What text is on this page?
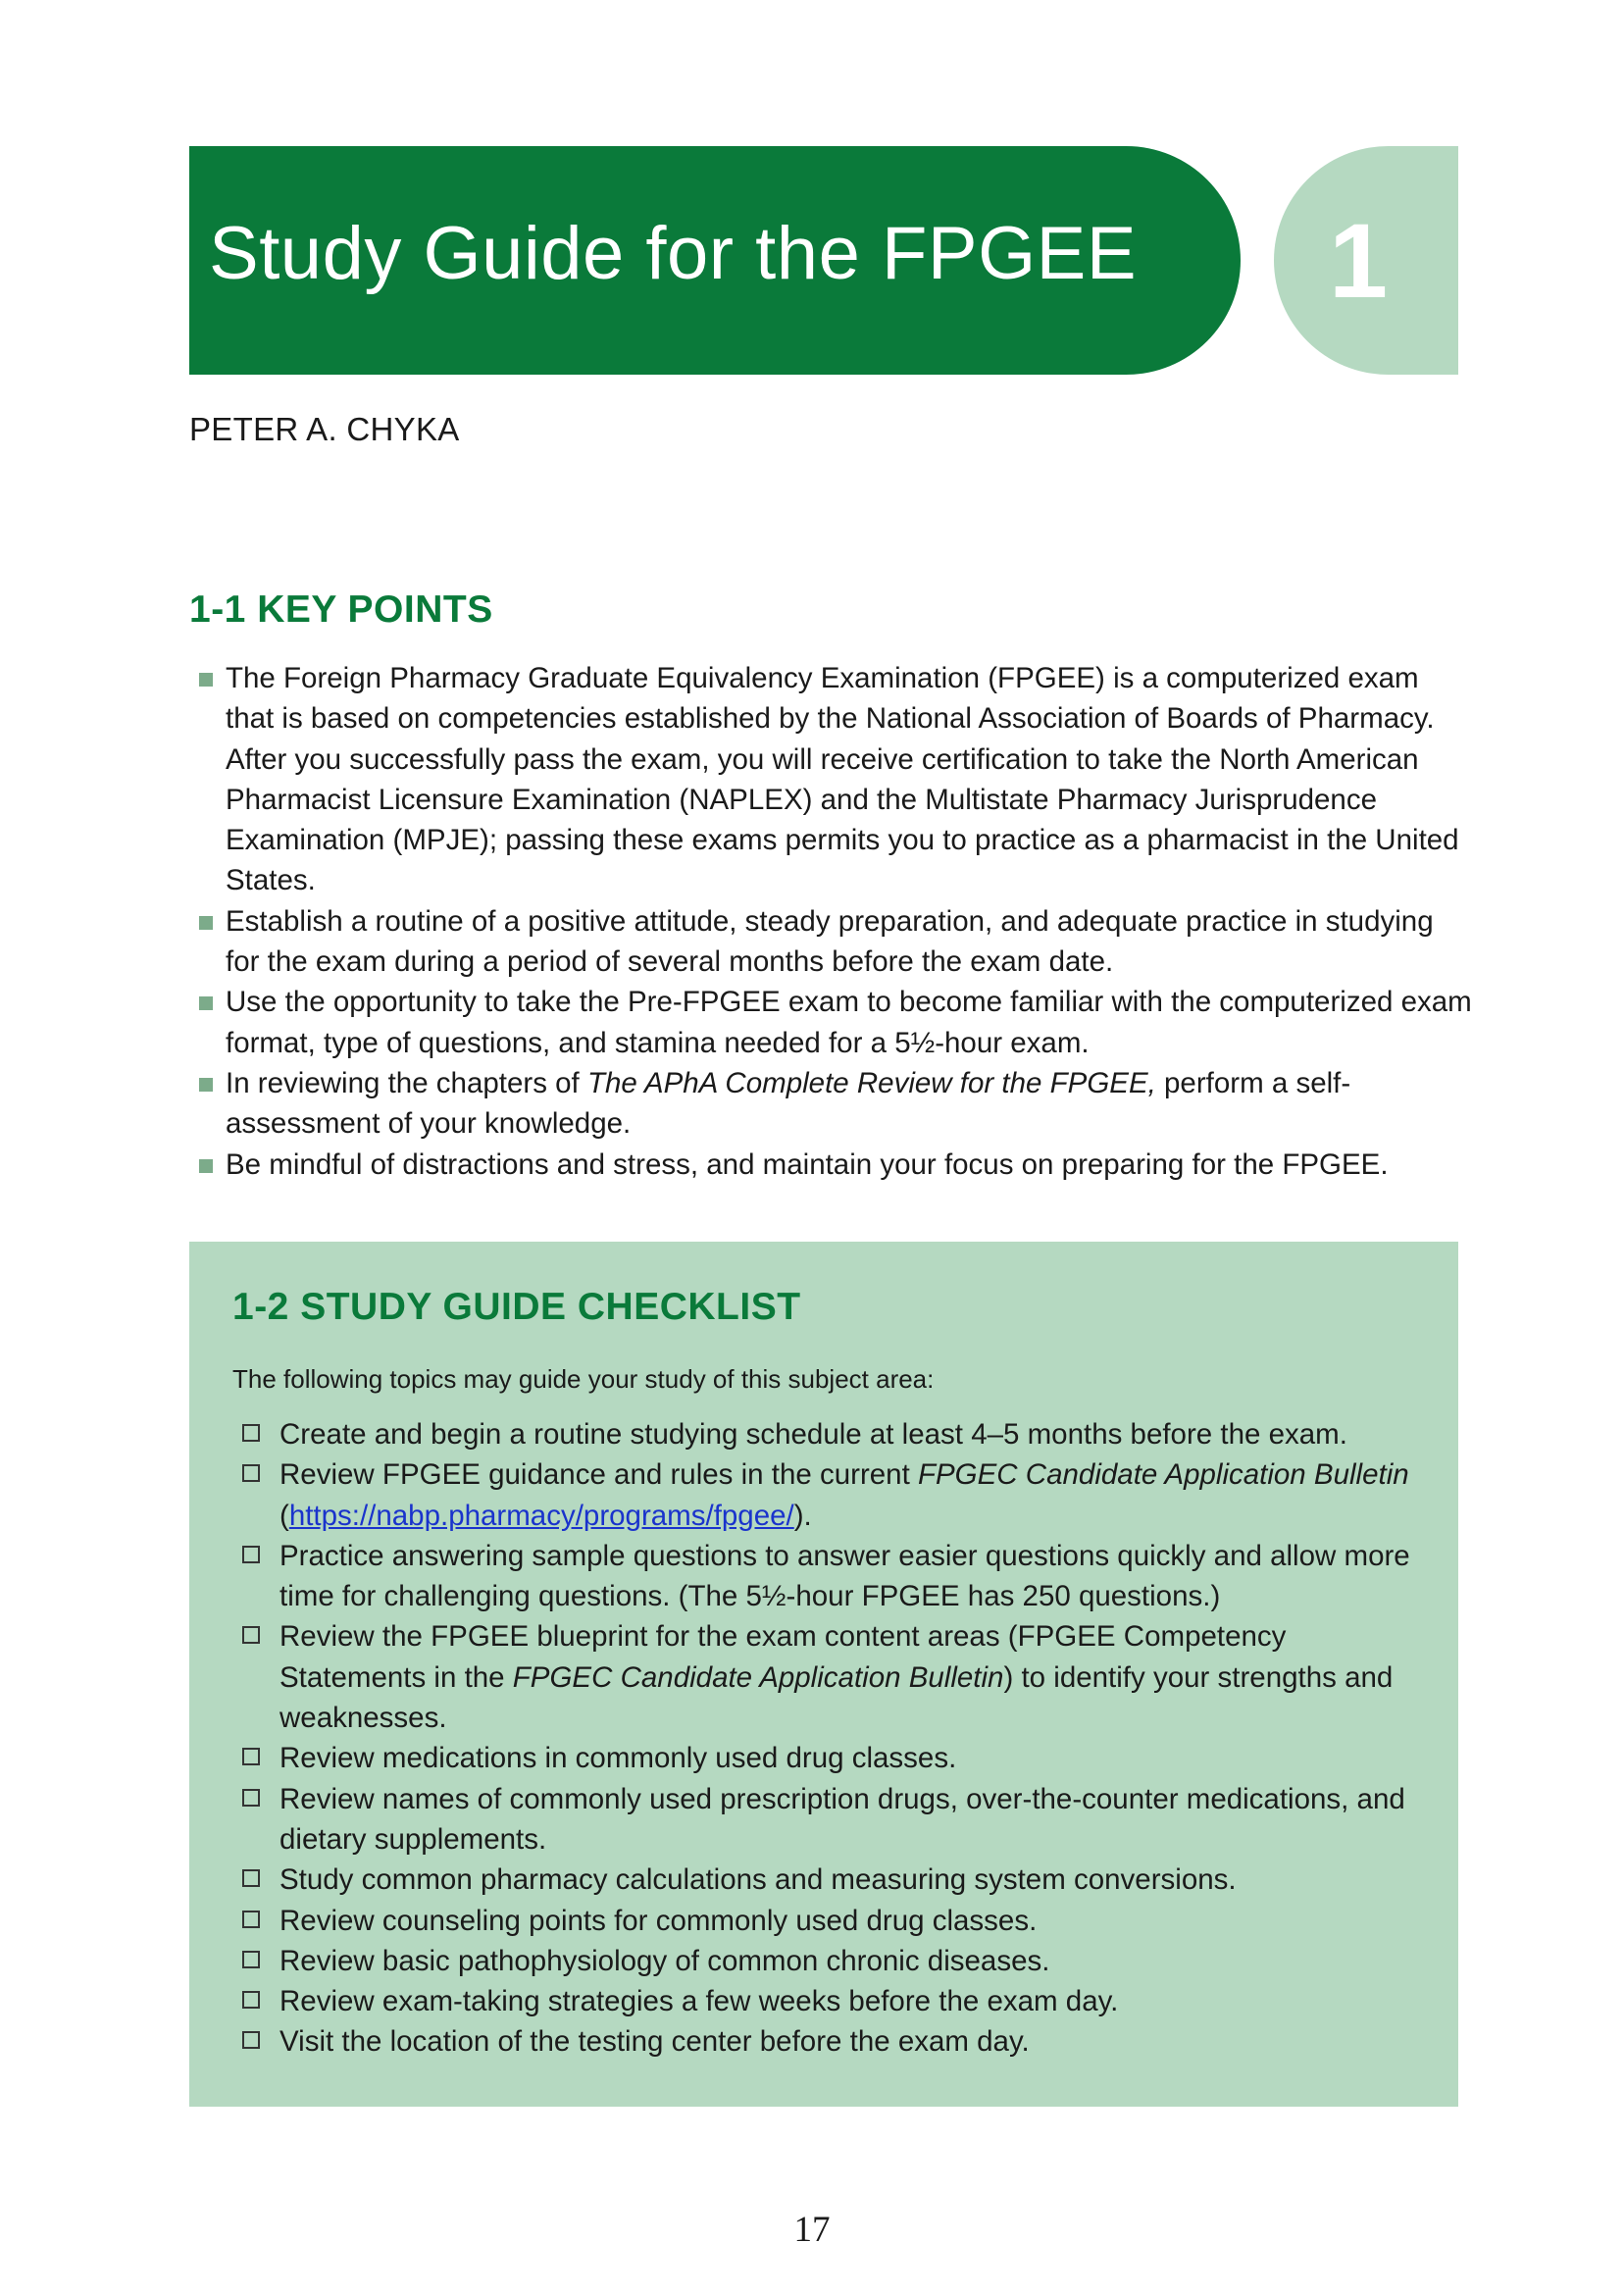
Study Guide for the FPGEE 1
PETER A. CHYKA
1-1 KEY POINTS
The Foreign Pharmacy Graduate Equivalency Examination (FPGEE) is a computerized exam that is based on competencies established by the National Association of Boards of Pharmacy. After you successfully pass the exam, you will receive certification to take the North American Pharmacist Licensure Examination (NAPLEX) and the Multistate Pharmacy Jurisprudence Examination (MPJE); passing these exams permits you to practice as a pharmacist in the United States.
Establish a routine of a positive attitude, steady preparation, and adequate practice in studying for the exam during a period of several months before the exam date.
Use the opportunity to take the Pre-FPGEE exam to become familiar with the computerized exam format, type of questions, and stamina needed for a 5½-hour exam.
In reviewing the chapters of The APhA Complete Review for the FPGEE, perform a self-assessment of your knowledge.
Be mindful of distractions and stress, and maintain your focus on preparing for the FPGEE.
1-2 STUDY GUIDE CHECKLIST
The following topics may guide your study of this subject area:
Create and begin a routine studying schedule at least 4–5 months before the exam.
Review FPGEE guidance and rules in the current FPGEC Candidate Application Bulletin (https://nabp.pharmacy/programs/fpgee/).
Practice answering sample questions to answer easier questions quickly and allow more time for challenging questions. (The 5½-hour FPGEE has 250 questions.)
Review the FPGEE blueprint for the exam content areas (FPGEE Competency Statements in the FPGEC Candidate Application Bulletin) to identify your strengths and weaknesses.
Review medications in commonly used drug classes.
Review names of commonly used prescription drugs, over-the-counter medications, and dietary supplements.
Study common pharmacy calculations and measuring system conversions.
Review counseling points for commonly used drug classes.
Review basic pathophysiology of common chronic diseases.
Review exam-taking strategies a few weeks before the exam day.
Visit the location of the testing center before the exam day.
17
